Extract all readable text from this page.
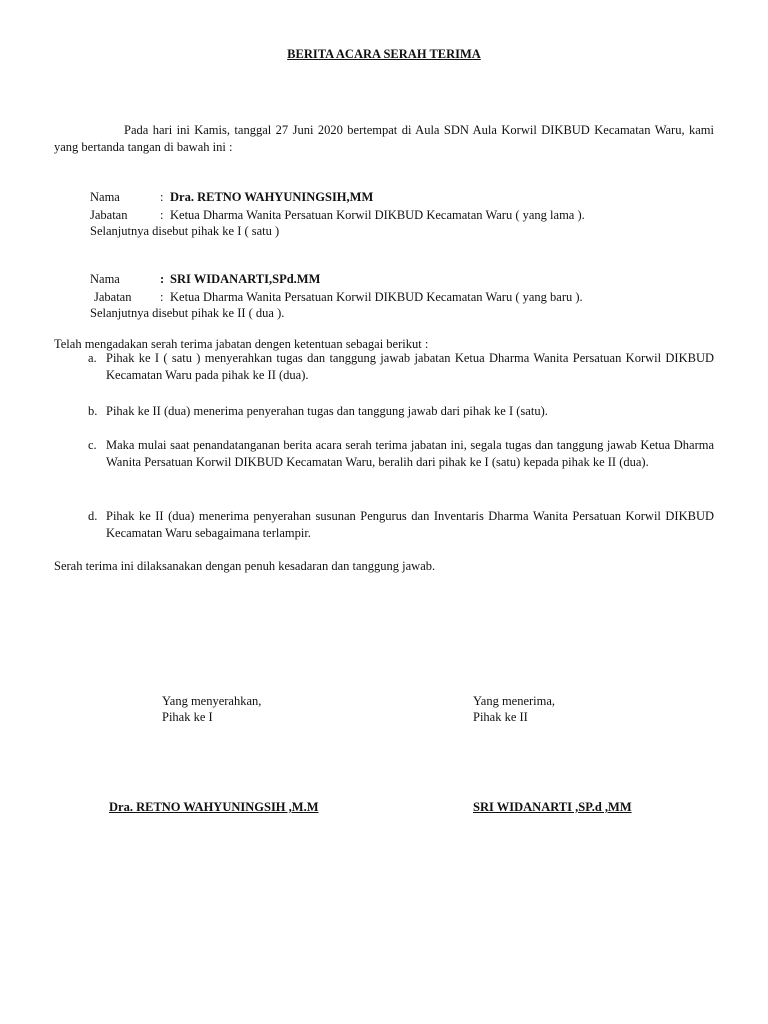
BERITA ACARA SERAH TERIMA
Pada hari ini Kamis, tanggal 27 Juni 2020 bertempat di Aula SDN Aula Korwil DIKBUD Kecamatan Waru, kami yang bertanda tangan di bawah ini :
Nama	: Dra. RETNO WAHYUNINGSIH,MM
Jabatan	: Ketua Dharma Wanita Persatuan Korwil DIKBUD Kecamatan Waru ( yang lama ).
Selanjutnya disebut pihak ke I ( satu )
Nama	: SRI WIDANARTI,SPd.MM
Jabatan : Ketua Dharma Wanita Persatuan Korwil DIKBUD Kecamatan Waru ( yang baru ).
Selanjutnya disebut pihak ke II ( dua ).
Telah mengadakan serah terima jabatan dengen ketentuan sebagai berikut :
a. Pihak ke I ( satu ) menyerahkan tugas dan tanggung jawab jabatan Ketua Dharma Wanita Persatuan Korwil DIKBUD Kecamatan Waru pada pihak ke II (dua).
b. Pihak ke II (dua) menerima penyerahan tugas dan tanggung jawab dari pihak ke I (satu).
c. Maka mulai saat penandatanganan berita acara serah terima jabatan ini, segala tugas dan tanggung jawab Ketua Dharma Wanita Persatuan Korwil DIKBUD Kecamatan Waru, beralih dari pihak ke I (satu) kepada pihak ke II (dua).
d. Pihak ke II (dua) menerima penyerahan susunan Pengurus dan Inventaris Dharma Wanita Persatuan Korwil DIKBUD Kecamatan Waru sebagaimana terlampir.
Serah terima ini dilaksanakan dengan penuh kesadaran dan tanggung jawab.
Yang menyerahkan,
Pihak ke I
Yang menerima,
Pihak ke II
Dra. RETNO WAHYUNINGSIH ,M.M	SRI WIDANARTI ,SP.d ,MM
